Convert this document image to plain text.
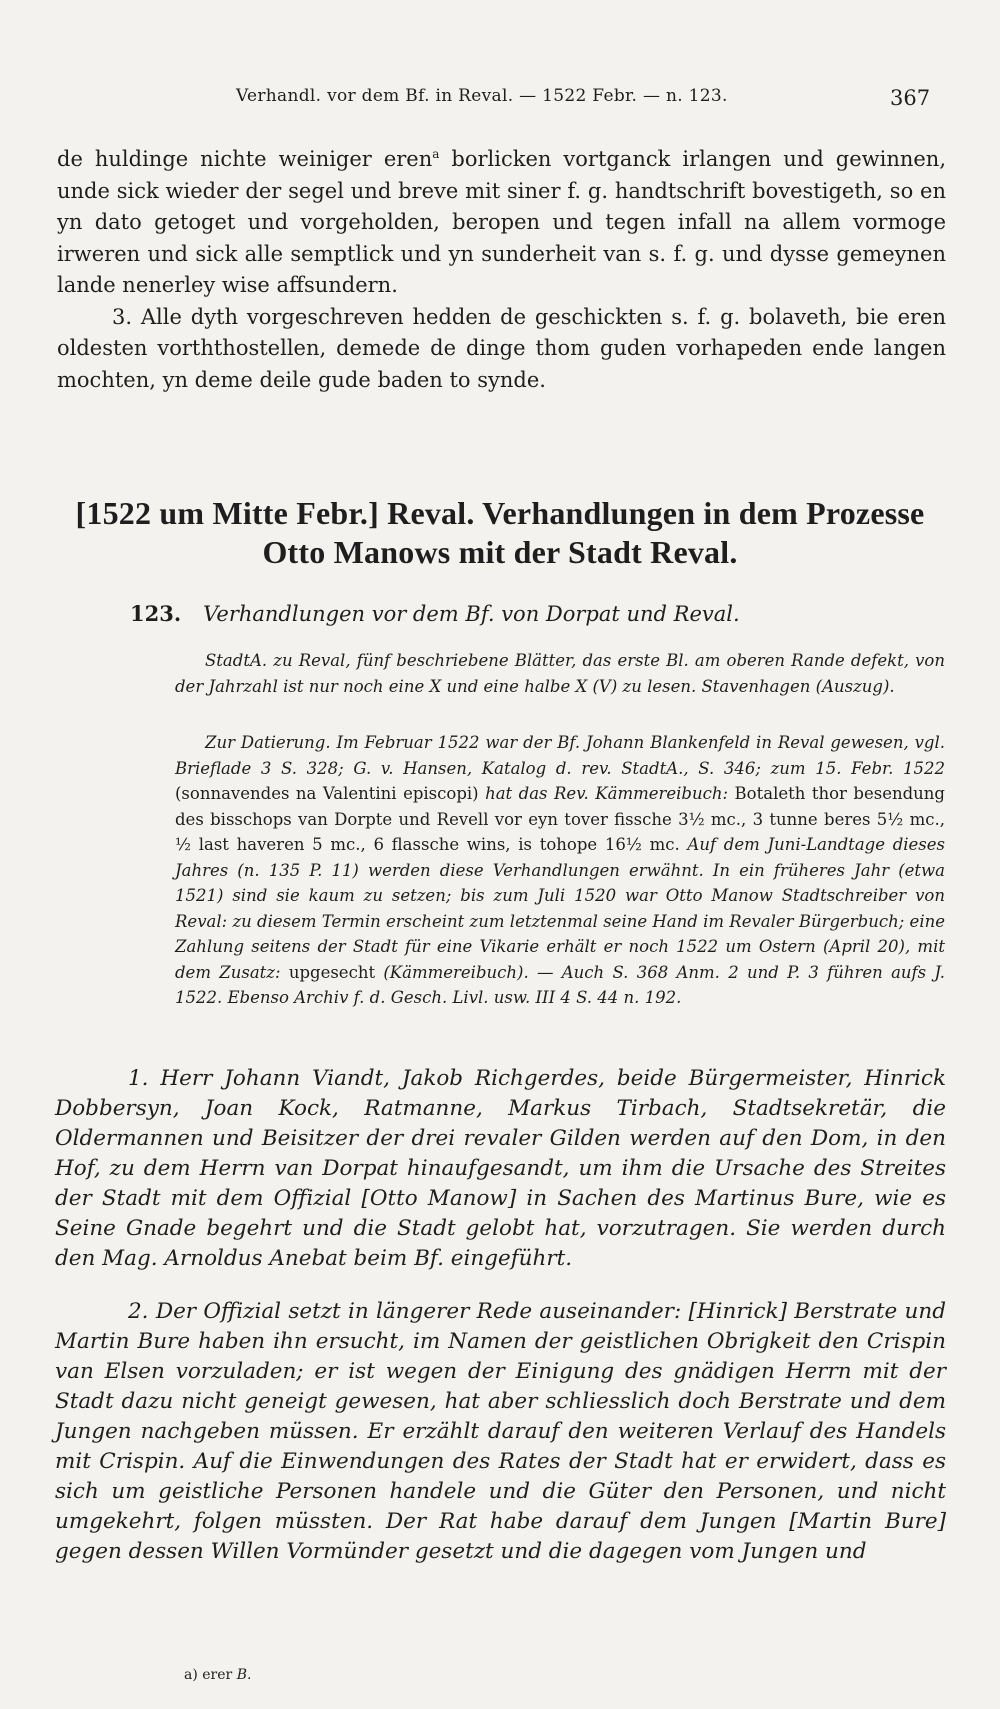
Verhandl. vor dem Bf. in Reval. — 1522 Febr. — n. 123.	367

de huldinge nichte weiniger eren$^a$ borlicken vortganck irlangen und gewinnen, unde sick wieder der segel und breve mit siner f. g. handtschrift bovestigeth, so en yn dato getoget und vorgeholden, beropen und tegen infall na allem vormoge irweren und sick alle semptlick und yn sunderheit van s. f. g. und dysse gemeynen lande nenerley wise affsundern.

3. Alle dyth vorgeschreven hedden de geschickten s. f. g. bolaveth, bie eren oldesten vorththostellen, demede de dinge thom guden vorhapeden ende langen mochten, yn deme deile gude baden to synde.

[1522 um Mitte Febr.] Reval. Verhandlungen in dem Prozesse
Otto Manows mit der Stadt Reval.
123. Verhandlungen vor dem Bf. von Dorpat und Reval.

StadtA. zu Reval, fünf beschriebene Blätter, das erste Bl. am oberen Rande defekt, von der Jahrzahl ist nur noch eine X und eine halbe X (V) zu lesen. Stavenhagen (Auszug).

Zur Datierung. Im Februar 1522 war der Bf. Johann Blankenfeld in Reval gewesen, vgl. Brieflade 3 S. 328; G. v. Hansen, Katalog d. rev. StadtA., S. 346; zum 15. Febr. 1522 (sonnavendes na Valentini episcopi) hat das Rev. Kämmereibuch: Botaleth thor besendung des bisschops van Dorpte und Revell vor eyn tover fissche 3½ mc., 3 tunne beres 5½ mc., ½ last haveren 5 mc., 6 flassche wins, is tohope 16½ mc. Auf dem Juni-Landtage dieses Jahres (n. 135 P. 11) werden diese Verhandlungen erwähnt. In ein früheres Jahr (etwa 1521) sind sie kaum zu setzen; bis zum Juli 1520 war Otto Manow Stadtschreiber von Reval: zu diesem Termin erscheint zum letztenmal seine Hand im Revaler Bürgerbuch; eine Zahlung seitens der Stadt für eine Vikarie erhält er noch 1522 um Ostern (April 20), mit dem Zusatz: upgesecht (Kämmereibuch). — Auch S. 368 Anm. 2 und P. 3 führen aufs J. 1522. Ebenso Archiv f. d. Gesch. Livl. usw. III 4 S. 44 n. 192.

1. Herr Johann Viandt, Jakob Richgerdes, beide Bürgermeister, Hinrick Dobbersyn, Joan Kock, Ratmanne, Markus Tirbach, Stadtsekretär, die Oldermannen und Beisitzer der drei revaler Gilden werden auf den Dom, in den Hof, zu dem Herrn van Dorpat hinaufgesandt, um ihm die Ursache des Streites der Stadt mit dem Offizial [Otto Manow] in Sachen des Martinus Bure, wie es Seine Gnade begehrt und die Stadt gelobt hat, vorzutragen. Sie werden durch den Mag. Arnoldus Anebat beim Bf. eingeführt.

2. Der Offizial setzt in längerer Rede auseinander: [Hinrick] Berstrate und Martin Bure haben ihn ersucht, im Namen der geistlichen Obrigkeit den Crispin van Elsen vorzuladen; er ist wegen der Einigung des gnädigen Herrn mit der Stadt dazu nicht geneigt gewesen, hat aber schliesslich doch Berstrate und dem Jungen nachgeben müssen. Er erzählt darauf den weiteren Verlauf des Handels mit Crispin. Auf die Einwendungen des Rates der Stadt hat er erwidert, dass es sich um geistliche Personen handele und die Güter den Personen, und nicht umgekehrt, folgen müssten. Der Rat habe darauf dem Jungen [Martin Bure] gegen dessen Willen Vormünder gesetzt und die dagegen vom Jungen und

a) erer B.
